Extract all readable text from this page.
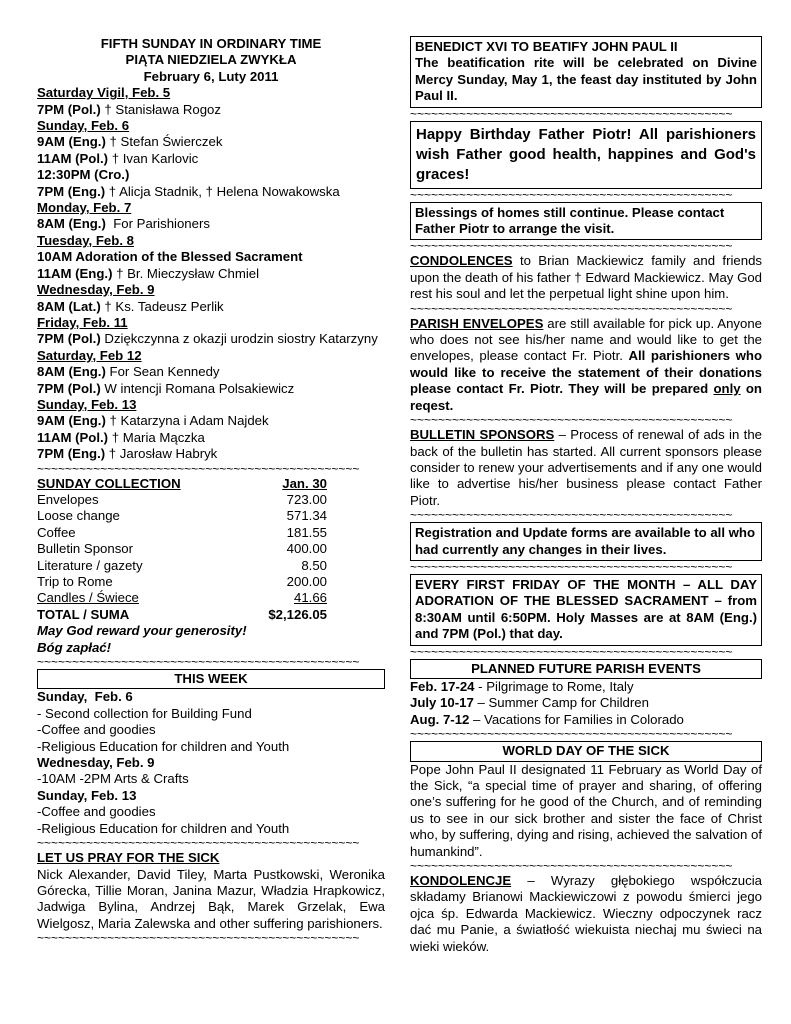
FIFTH SUNDAY IN ORDINARY TIME
PIĄTA NIEDZIELA ZWYKŁA
February 6, Luty 2011
Saturday Vigil, Feb. 5
7PM (Pol.) † Stanisława Rogoz
Sunday, Feb. 6
9AM (Eng.) † Stefan Świerczek
11AM (Pol.) † Ivan Karlovic
12:30PM (Cro.)
7PM (Eng.) † Alicja Stadnik, † Helena Nowakowska
Monday, Feb. 7
8AM (Eng.)  For Parishioners
Tuesday, Feb. 8
10AM Adoration of the Blessed Sacrament
11AM (Eng.) † Br. Mieczysław Chmiel
Wednesday, Feb. 9
8AM (Lat.) † Ks. Tadeusz Perlik
Friday, Feb. 11
7PM (Pol.) Dziękczynna z okazji urodzin siostry Katarzyny
Saturday, Feb 12
8AM (Eng.) For Sean Kennedy
7PM (Pol.) W intencji Romana Polsakiewicz
Sunday, Feb. 13
9AM (Eng.) † Katarzyna i Adam Najdek
11AM (Pol.) † Maria Mączka
7PM (Eng.) † Jarosław Habryk
~~~~~~~~~~~~~~~~~~~~~~~~~~~~~~~~~~~~~~~~~~~~~~
SUNDAY COLLECTION	Jan. 30
Envelopes	723.00
Loose change	571.34
Coffee	181.55
Bulletin Sponsor	400.00
Literature / gazety	8.50
Trip to Rome	200.00
Candles / Świece	41.66
TOTAL / SUMA	$2,126.05
May God reward your generosity!
Bóg zapłać!
~~~~~~~~~~~~~~~~~~~~~~~~~~~~~~~~~~~~~~~~~~~~~~
THIS WEEK
Sunday,  Feb. 6
- Second collection for Building Fund
-Coffee and goodies
-Religious Education for children and Youth
Wednesday, Feb. 9
-10AM -2PM Arts & Crafts
Sunday, Feb. 13
-Coffee and goodies
-Religious Education for children and Youth
~~~~~~~~~~~~~~~~~~~~~~~~~~~~~~~~~~~~~~~~~~~~~~
LET US PRAY FOR THE SICK
Nick Alexander, David Tiley, Marta Pustkowski, Weronika Górecka, Tillie Moran, Janina Mazur, Władzia Hrapkowicz, Jadwiga Bylina, Andrzej Bąk, Marek Grzelak, Ewa Wielgosz, Maria Zalewska and other suffering parishioners.
~~~~~~~~~~~~~~~~~~~~~~~~~~~~~~~~~~~~~~~~~~~~~~
BENEDICT XVI TO BEATIFY JOHN PAUL II
The beatification rite will be celebrated on Divine Mercy Sunday, May 1, the feast day instituted by John Paul II.
~~~~~~~~~~~~~~~~~~~~~~~~~~~~~~~~~~~~~~~~~~~~~~
Happy Birthday Father Piotr! All parishioners wish Father good health, happines and God's graces!
~~~~~~~~~~~~~~~~~~~~~~~~~~~~~~~~~~~~~~~~~~~~~~
Blessings of homes still continue. Please contact Father Piotr to arrange the visit.
~~~~~~~~~~~~~~~~~~~~~~~~~~~~~~~~~~~~~~~~~~~~~~
CONDOLENCES to Brian Mackiewicz family and friends upon the death of his father † Edward Mackiewicz. May God rest his soul and let the perpetual light shine upon him.
~~~~~~~~~~~~~~~~~~~~~~~~~~~~~~~~~~~~~~~~~~~~~~
PARISH ENVELOPES are still available for pick up. Anyone who does not see his/her name and would like to get the envelopes, please contact Fr. Piotr. All parishioners who would like to receive the statement of their donations please contact Fr. Piotr. They will be prepared only on reqest.
~~~~~~~~~~~~~~~~~~~~~~~~~~~~~~~~~~~~~~~~~~~~~~
BULLETIN SPONSORS – Process of renewal of ads in the back of the bulletin has started. All current sponsors please consider to renew your advertisements and if any one would like to advertise his/her business please contact Father Piotr.
~~~~~~~~~~~~~~~~~~~~~~~~~~~~~~~~~~~~~~~~~~~~~~
Registration and Update forms are available to all who had currently any changes in their lives.
~~~~~~~~~~~~~~~~~~~~~~~~~~~~~~~~~~~~~~~~~~~~~~
EVERY FIRST FRIDAY OF THE MONTH – ALL DAY ADORATION OF THE BLESSED SACRAMENT – from 8:30AM until 6:50PM. Holy Masses are at 8AM (Eng.) and 7PM (Pol.) that day.
~~~~~~~~~~~~~~~~~~~~~~~~~~~~~~~~~~~~~~~~~~~~~~
PLANNED FUTURE PARISH EVENTS
Feb. 17-24 - Pilgrimage to Rome, Italy
July 10-17 – Summer Camp for Children
Aug. 7-12 – Vacations for Families in Colorado
~~~~~~~~~~~~~~~~~~~~~~~~~~~~~~~~~~~~~~~~~~~~~~
WORLD DAY OF THE SICK
Pope John Paul II designated 11 February as World Day of the Sick, “a special time of prayer and sharing, of offering one’s suffering for he good of the Church, and of reminding us to see in our sick brother and sister the face of Christ who, by suffering, dying and rising, achieved the salvation of humankind”.
~~~~~~~~~~~~~~~~~~~~~~~~~~~~~~~~~~~~~~~~~~~~~~
KONDOLENCJE – Wyrazy głębokiego współczucia składamy Brianowi Mackiewiczowi z powodu śmierci jego ojca śp. Edwarda Mackiewicz. Wieczny odpoczynek racz dać mu Panie, a światłość wiekuista niechaj mu świeci na wieki wieków.
